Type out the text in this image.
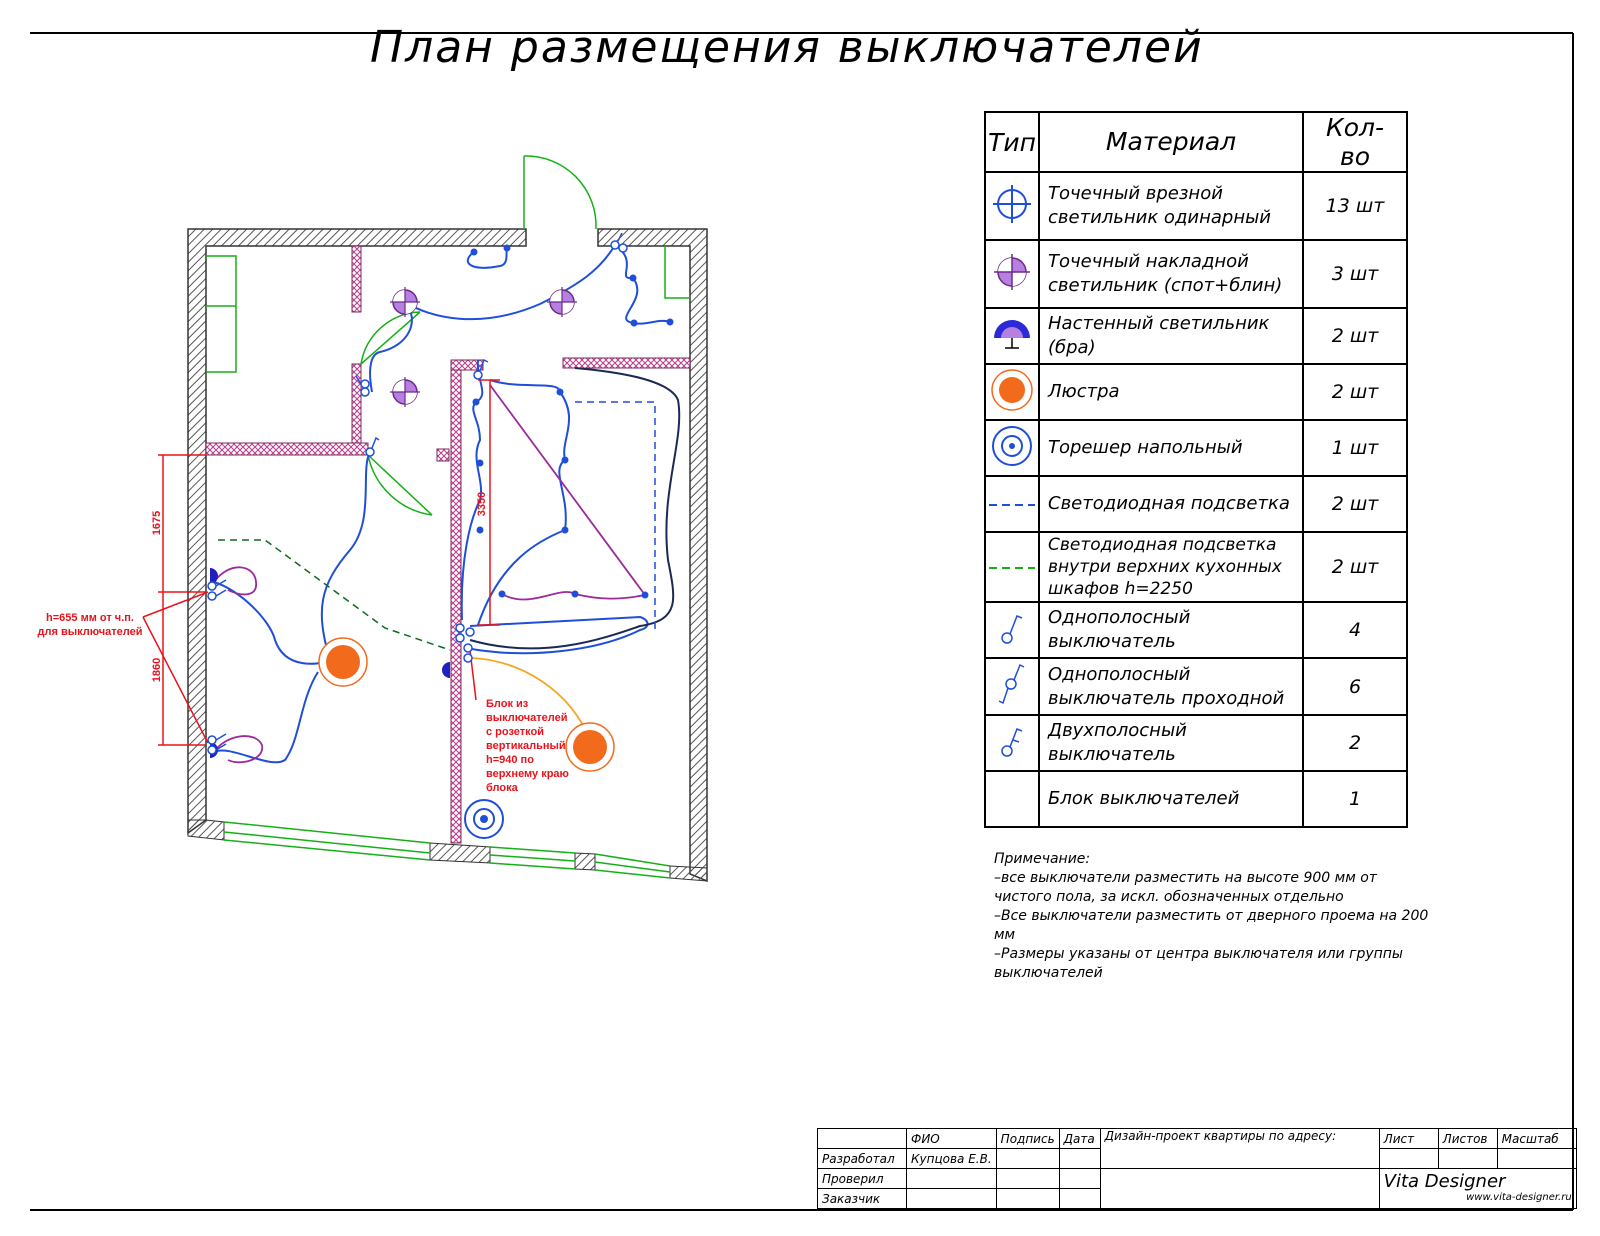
1675
1860
3350
План размещения выключателей
h=655 мм от ч.п.
для выключателей
Блок из
выключателей
с розеткой
вертикальный
h=940 по
верхнему краю
блока
Тип	Материал	Кол-во
	Точечный врезной светильник одинарный	13 шт
	Точечный накладной светильник (спот+блин)	3 шт
	Настенный светильник (бра)	2 шт
	Люстра	2 шт
	Торешер напольный	1 шт
	Светодиодная подсветка	2 шт
	Светодиодная подсветка внутри верхних кухонных шкафов h=2250	2 шт
	Однополосный выключатель	4
	Однополосный выключатель проходной	6
	Двухполосный выключатель	2
	Блок выключателей	1
Примечание:
–все выключатели разместить на высоте 900 мм от чистого пола, за искл. обозначенных отдельно
–Все выключатели разместить от дверного проема на 200 мм
–Размеры указаны от центра выключателя или группы выключателей
	ФИО	Подпись	Дата	Дизайн-проект квартиры по адресу:	Лист	Листов	Масштаб
Разработал	Купцова Е.В.						
Проверил					Vita Designer
www.vita-designer.ru		

Заказчик							
